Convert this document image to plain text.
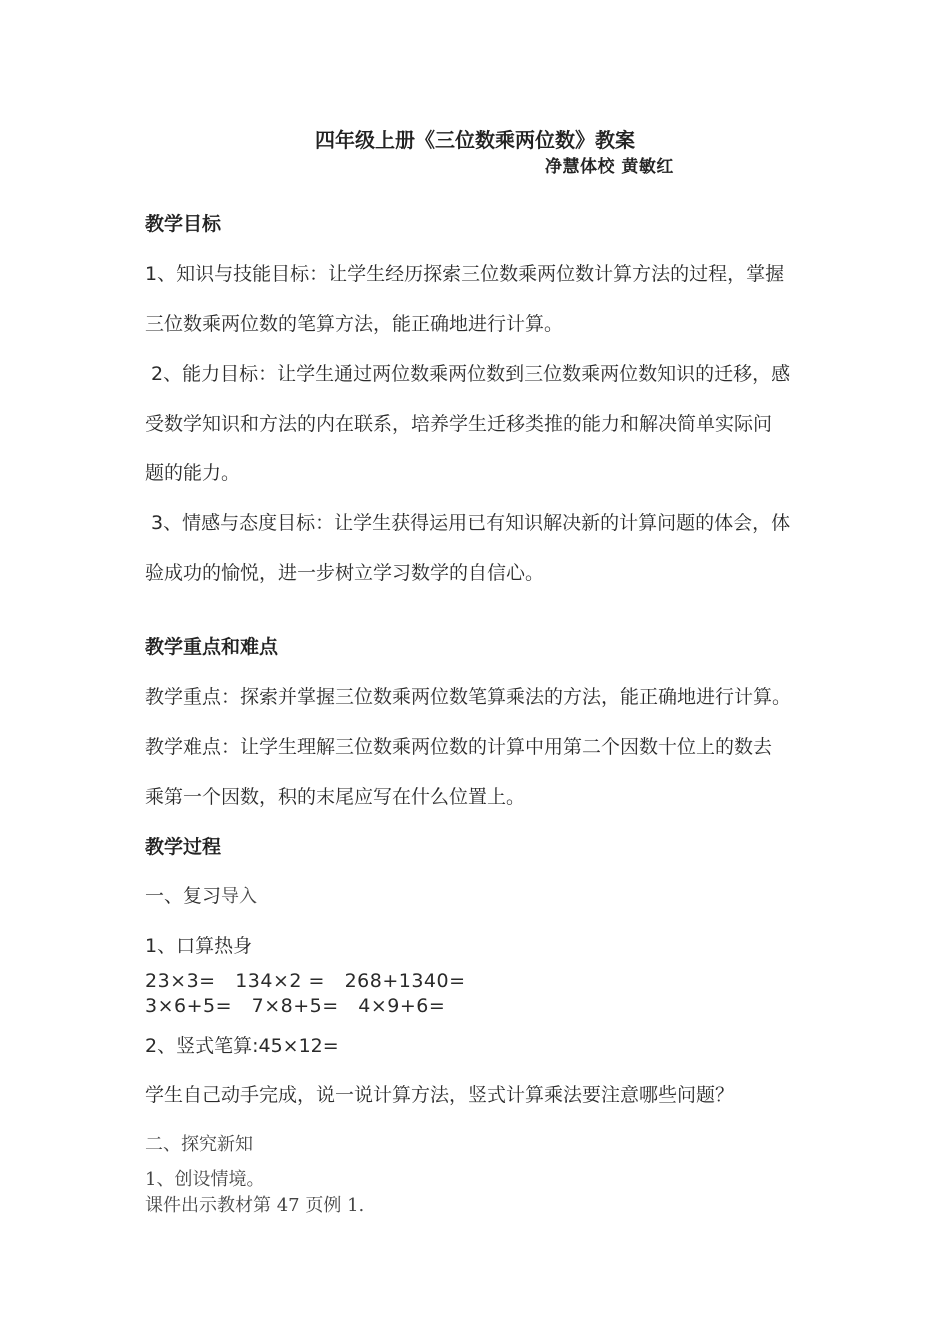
四年级上册《三位数乘两位数》教案
净慧体校 黄敏红
教学目标
1、知识与技能目标：让学生经历探索三位数乘两位数计算方法的过程，掌握
三位数乘两位数的笔算方法，能正确地进行计算。
2、能力目标：让学生通过两位数乘两位数到三位数乘两位数知识的迁移，感
受数学知识和方法的内在联系，培养学生迁移类推的能力和解决简单实际问
题的能力。
3、情感与态度目标：让学生获得运用已有知识解决新的计算问题的体会，体
验成功的愉悦，进一步树立学习数学的自信心。
教学重点和难点
教学重点：探索并掌握三位数乘两位数笔算乘法的方法，能正确地进行计算。
教学难点：让学生理解三位数乘两位数的计算中用第二个因数十位上的数去
乘第一个因数，积的末尾应写在什么位置上。
教学过程
一、复习导入
1、口算热身
23×3=   134×2 =   268+1340=
3×6+5=   7×8+5=   4×9+6=
2、竖式笔算:45×12=
学生自己动手完成，说一说计算方法，竖式计算乘法要注意哪些问题？
二、探究新知
1、创设情境。
课件出示教材第 47 页例 1.
